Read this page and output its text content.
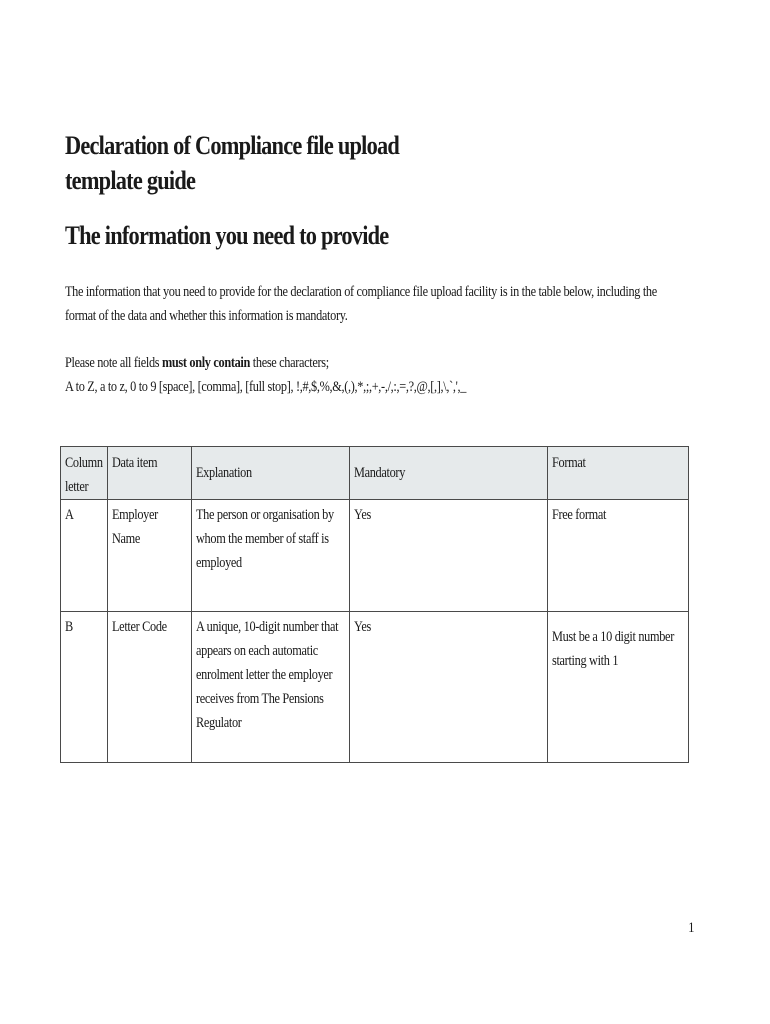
Declaration of Compliance file upload template guide
The information you need to provide

The information that you need to provide for the declaration of compliance file upload facility is in the table below, including the format of the data and whether this information is mandatory.

Please note all fields must only contain these characters;
A to Z, a to z, 0 to 9 [space], [comma], [full stop], !,#,$,%,&,(,),*,;,+,-,/,:,=,?,@,[,],\,`,',_

Column letter	Data item	Explanation	Mandatory	Format

A	Employer Name	The person or organisation by whom the member of staff is employed	Yes	Free format

B	Letter Code	A unique, 10-digit number that appears on each automatic enrolment letter the employer receives from The Pensions Regulator	Yes	Must be a 10 digit number starting with 1
1
